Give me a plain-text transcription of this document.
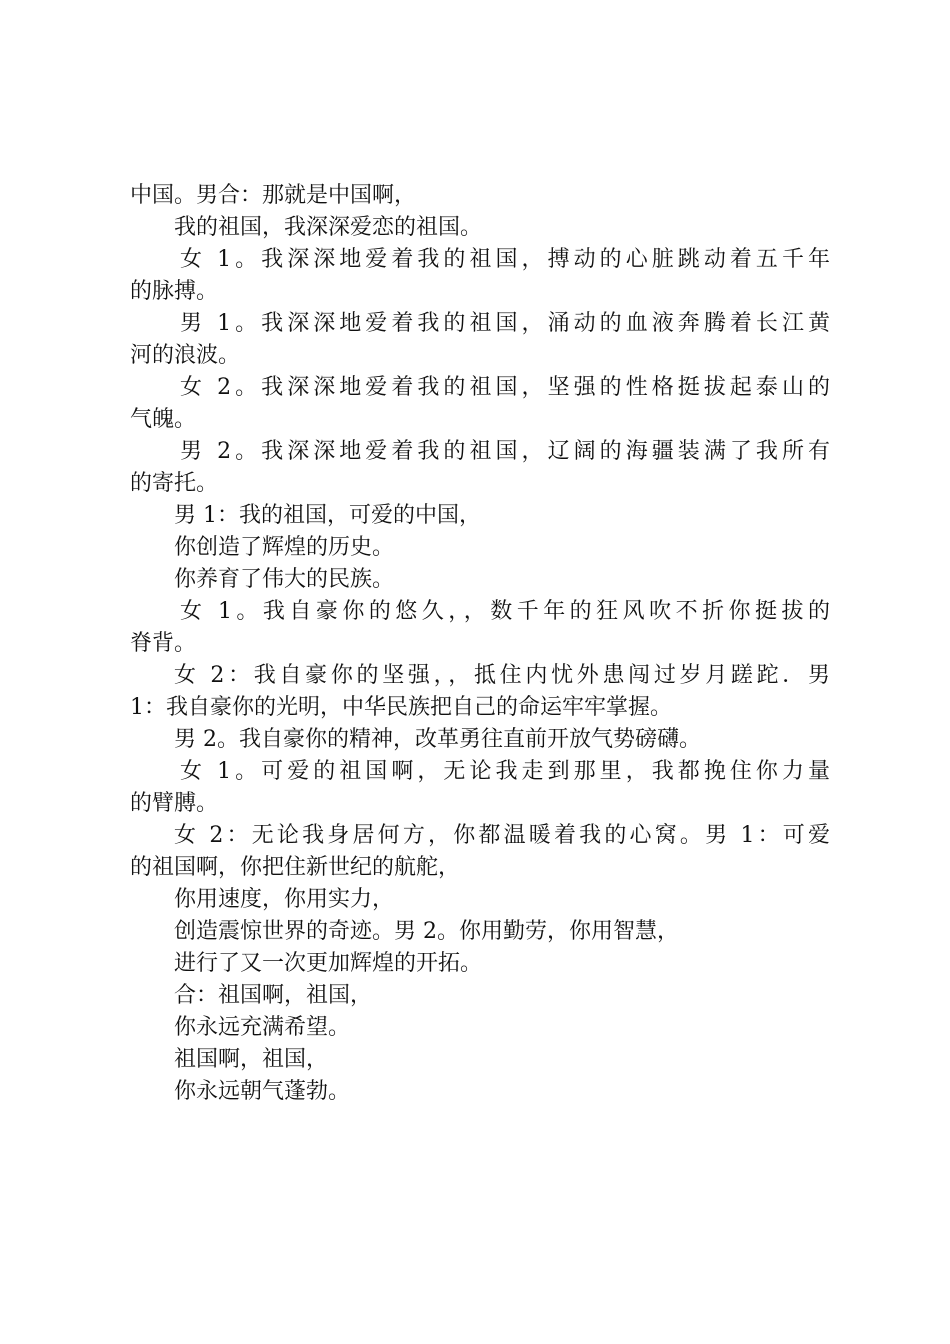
中国。男合：那就是中国啊，
我的祖国，我深深爱恋的祖国。
女 1。我深深地爱着我的祖国，搏动的心脏跳动着五千年
的脉搏。
男 1。我深深地爱着我的祖国，涌动的血液奔腾着长江黄
河的浪波。
女 2。我深深地爱着我的祖国，坚强的性格挺拔起泰山的
气魄。
男 2。我深深地爱着我的祖国，辽阔的海疆装满了我所有
的寄托。
男 1：我的祖国，可爱的中国，
你创造了辉煌的历史。
你养育了伟大的民族。
女 1。我自豪你的悠久，，数千年的狂风吹不折你挺拔的
脊背。
女 2：我自豪你的坚强，，抵住内忧外患闯过岁月蹉跎．男
1：我自豪你的光明，中华民族把自己的命运牢牢掌握。
男 2。我自豪你的精神，改革勇往直前开放气势磅礴。
女 1。可爱的祖国啊，无论我走到那里，我都挽住你力量
的臂膊。
女 2：无论我身居何方，你都温暖着我的心窝。男 1：可爱
的祖国啊，你把住新世纪的航舵，
你用速度，你用实力，
创造震惊世界的奇迹。男 2。你用勤劳，你用智慧，
进行了又一次更加辉煌的开拓。
合：祖国啊，祖国，
你永远充满希望。
祖国啊，祖国，
你永远朝气蓬勃。
